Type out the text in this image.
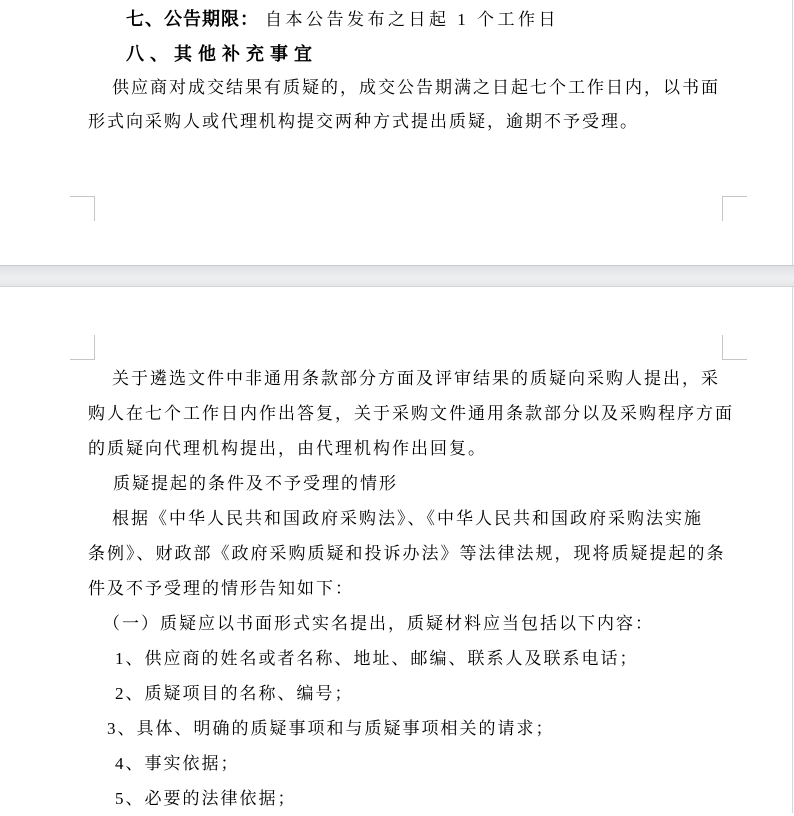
七、公告期限： 自本公告发布之日起 1 个工作日
八、其他补充事宜
供应商对成交结果有质疑的，成交公告期满之日起七个工作日内，以书面
形式向采购人或代理机构提交两种方式提出质疑，逾期不予受理。
关于遴选文件中非通用条款部分方面及评审结果的质疑向采购人提出，采
购人在七个工作日内作出答复，关于采购文件通用条款部分以及采购程序方面
的质疑向代理机构提出，由代理机构作出回复。
质疑提起的条件及不予受理的情形
根据《中华人民共和国政府采购法》、《中华人民共和国政府采购法实施
条例》、财政部《政府采购质疑和投诉办法》等法律法规，现将质疑提起的条
件及不予受理的情形告知如下：
（一）质疑应以书面形式实名提出，质疑材料应当包括以下内容：
1、供应商的姓名或者名称、地址、邮编、联系人及联系电话；
2、质疑项目的名称、编号；
3、具体、明确的质疑事项和与质疑事项相关的请求；
4、事实依据；
5、必要的法律依据；
